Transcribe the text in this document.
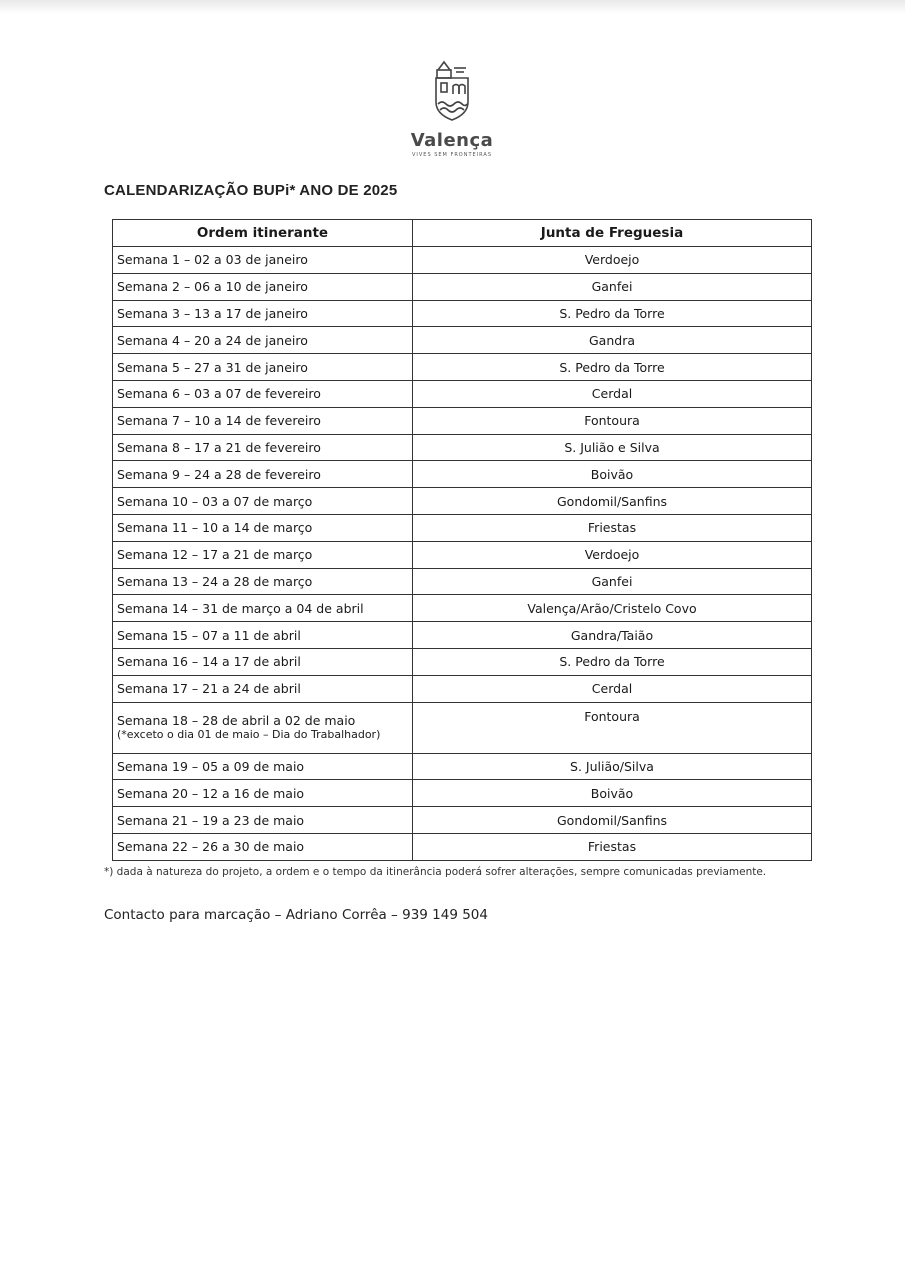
Valença
VIVES SEM FRONTEIRAS
CALENDARIZAÇÃO BUPi* ANO DE 2025
Ordem itinerante	Junta de Freguesia
Semana 1 – 02 a 03 de janeiro	Verdoejo
Semana 2 – 06 a 10 de janeiro	Ganfei
Semana 3 – 13 a 17 de janeiro	S. Pedro da Torre
Semana 4 – 20 a 24 de janeiro	Gandra
Semana 5 – 27 a 31 de janeiro	S. Pedro da Torre
Semana 6 – 03 a 07 de fevereiro	Cerdal
Semana 7 – 10 a 14 de fevereiro	Fontoura
Semana 8 – 17 a 21 de fevereiro	S. Julião e Silva
Semana 9 – 24 a 28 de fevereiro	Boivão
Semana 10 – 03 a 07 de março	Gondomil/Sanfins
Semana 11 – 10 a 14 de março	Friestas
Semana 12 – 17 a 21 de março	Verdoejo
Semana 13 – 24 a 28 de março	Ganfei
Semana 14 – 31 de março a 04 de abril	Valença/Arão/Cristelo Covo
Semana 15 – 07 a 11 de abril	Gandra/Taião
Semana 16 – 14 a 17 de abril	S. Pedro da Torre
Semana 17 – 21 a 24 de abril	Cerdal
Semana 18 – 28 de abril a 02 de maio
(*exceto o dia 01 de maio – Dia do Trabalhador)	Fontoura
Semana 19 – 05 a 09 de maio	S. Julião/Silva
Semana 20 – 12 a 16 de maio	Boivão
Semana 21 – 19 a 23 de maio	Gondomil/Sanfins
Semana 22 – 26 a 30 de maio	Friestas
*) dada à natureza do projeto, a ordem e o tempo da itinerância poderá sofrer alterações, sempre comunicadas previamente.
Contacto para marcação – Adriano Corrêa – 939 149 504
